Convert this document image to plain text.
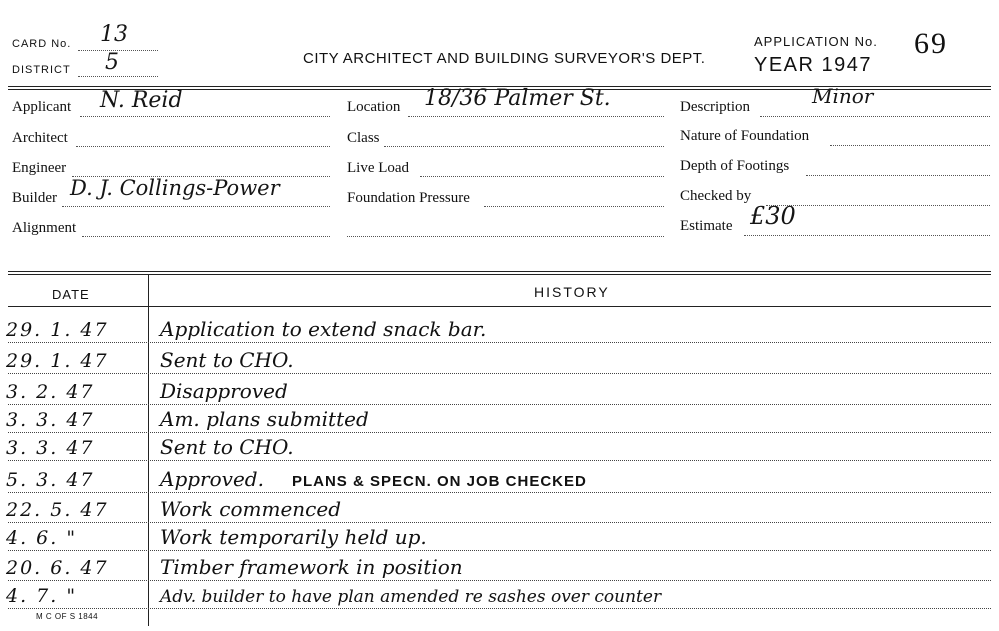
CARD No. 13
DISTRICT 5	CITY ARCHITECT AND BUILDING SURVEYOR'S DEPT.
APPLICATION No. 69
YEAR 1947
Applicant N. Reid
Architect
Engineer
Builder D. J. Collings-Power
Alignment
Location 18/36 Palmer St.
Class
Live Load
Foundation Pressure
Description	Minor
Nature of Foundation
Depth of Footings
Checked by
Estimate £30
DATE	HISTORY
29. 1. 47	Application to extend snack bar.
29. 1. 47	Sent to CHO.
3. 2. 47	Disapproved
3. 3. 47	Am. plans submitted
3. 3. 47	Sent to CHO.
5. 3. 47	Approved. PLANS & SPECN. ON JOB CHECKED
22. 5. 47	Work commenced
4. 6. "	Work temporarily held up.
20. 6. 47	Timber framework in position
4. 7. "	Adv. builder to have plan amended re sashes over counter
M C OF S 1844
